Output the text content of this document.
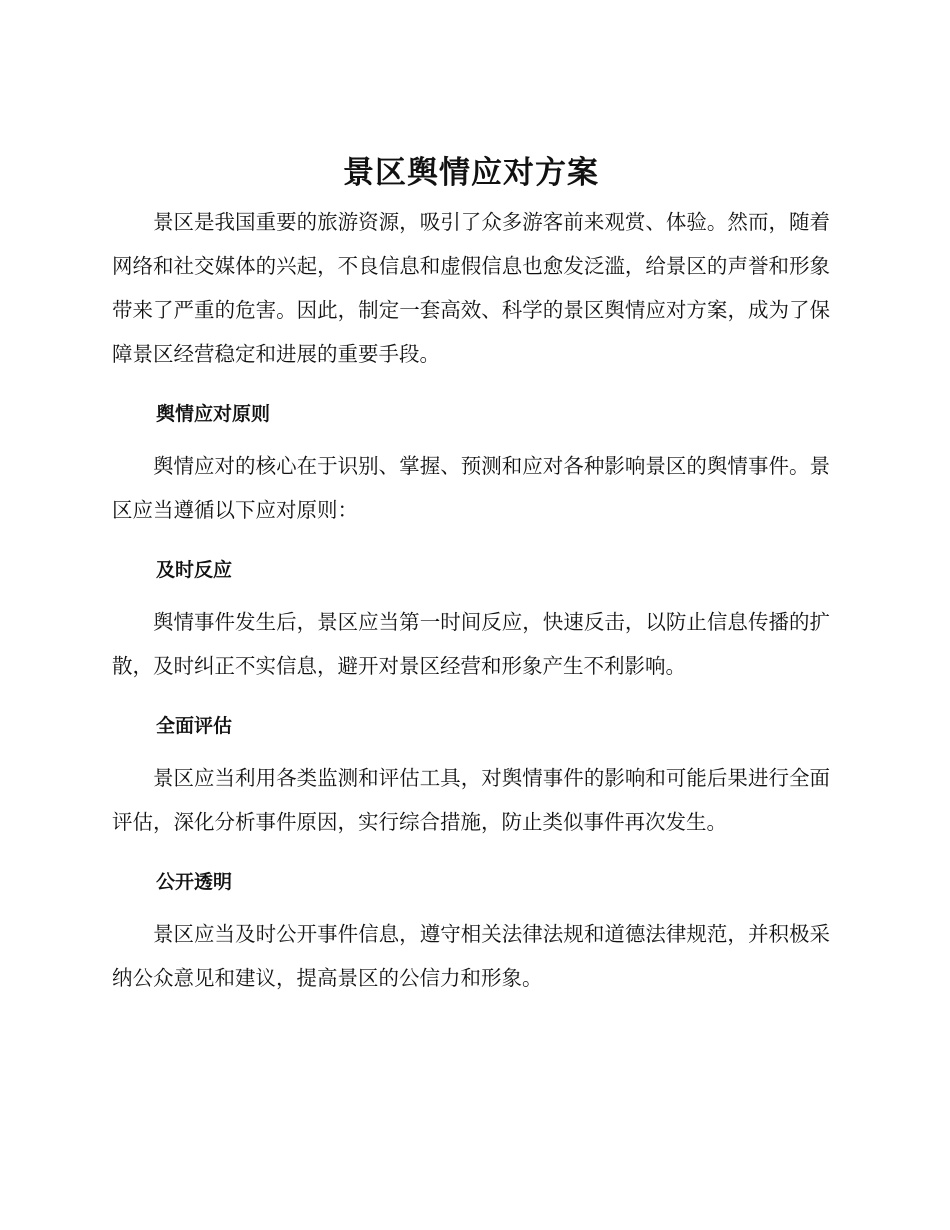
景区舆情应对方案

景区是我国重要的旅游资源，吸引了众多游客前来观赏、体验。然而，随着网络和社交媒体的兴起，不良信息和虚假信息也愈发泛滥，给景区的声誉和形象带来了严重的危害。因此，制定一套高效、科学的景区舆情应对方案，成为了保障景区经营稳定和进展的重要手段。

舆情应对原则

舆情应对的核心在于识别、掌握、预测和应对各种影响景区的舆情事件。景区应当遵循以下应对原则：

及时反应

舆情事件发生后，景区应当第一时间反应，快速反击，以防止信息传播的扩散，及时纠正不实信息，避开对景区经营和形象产生不利影响。

全面评估

景区应当利用各类监测和评估工具，对舆情事件的影响和可能后果进行全面评估，深化分析事件原因，实行综合措施，防止类似事件再次发生。

公开透明

景区应当及时公开事件信息，遵守相关法律法规和道德法律规范，并积极采纳公众意见和建议，提高景区的公信力和形象。
